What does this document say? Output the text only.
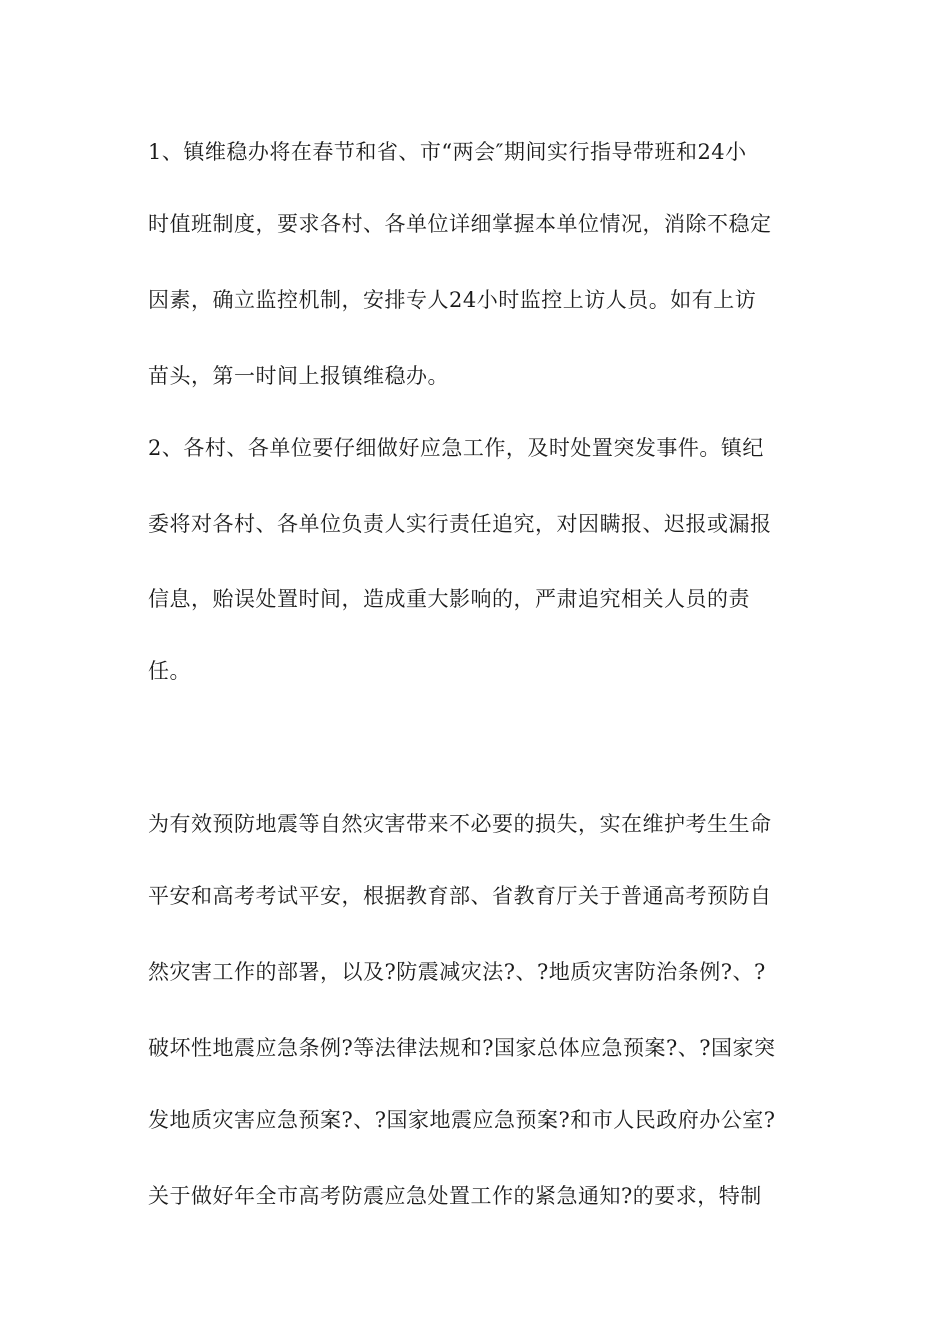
1、镇维稳办将在春节和省、市“两会″期间实行指导带班和24小
时值班制度，要求各村、各单位详细掌握本单位情况，消除不稳定
因素，确立监控机制，安排专人24小时监控上访人员。如有上访
苗头，第一时间上报镇维稳办。
2、各村、各单位要仔细做好应急工作，及时处置突发事件。镇纪
委将对各村、各单位负责人实行责任追究，对因瞒报、迟报或漏报
信息，贻误处置时间，造成重大影响的，严肃追究相关人员的责
任。
为有效预防地震等自然灾害带来不必要的损失，实在维护考生生命
平安和高考考试平安，根据教育部、省教育厅关于普通高考预防自
然灾害工作的部署，以及?防震减灾法?、?地质灾害防治条例?、?
破坏性地震应急条例?等法律法规和?国家总体应急预案?、?国家突
发地质灾害应急预案?、?国家地震应急预案?和市人民政府办公室?
关于做好年全市高考防震应急处置工作的紧急通知?的要求，特制
